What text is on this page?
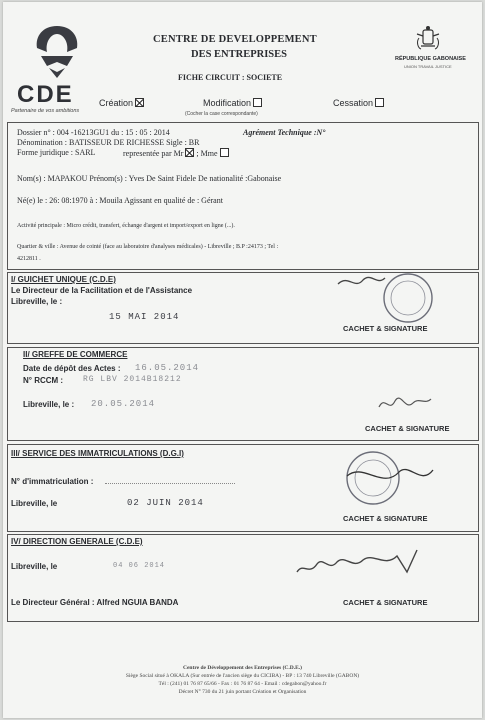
CDE
Partenaire de vos ambitions
CENTRE DE DEVELOPPEMENT
DES ENTREPRISES
FICHE CIRCUIT : SOCIETE
RÉPUBLIQUE GABONAISE
UNION TRAVAIL JUSTICE
Création	Modification	Cessation
(Cocher la case correspondante)
Dossier n° : 004 -16213GU1 du : 15 : 05 : 2014	Agrément Technique :N°
Dénomination : BATISSEUR DE RICHESSE Sigle : BR
Forme juridique : SARL	representée par Mr ; Mme
Nom(s) : MAPAKOU Prénom(s) : Yves De Saint Fidele De nationalité :Gabonaise
Né(e) le : 26: 08:1970 à : Mouila Agissant en qualité de : Gérant
Activité principale : Micro crédit, transfert, échange d'argent et import/export en ligne (...).
Quartier & ville : Avenue de cointé (face au laboratoire d'analyses médicales) - Libreville ; B.P :24173 ; Tel :
4212811 .
I/ GUICHET UNIQUE (C.D.E)
Le Directeur de la Facilitation et de l'Assistance
Libreville, le :
15 MAI 2014
CACHET & SIGNATURE
II/ GREFFE DE COMMERCE
Date de dépôt des Actes : 16.05.2014
N° RCCM : RG LBV 2014B18212
Libreville, le : 20.05.2014
CACHET & SIGNATURE
III/ SERVICE DES IMMATRICULATIONS (D.G.I)
N° d'immatriculation :
Libreville, le	02 JUIN 2014
CACHET & SIGNATURE
IV/ DIRECTION GENERALE (C.D.E)
Libreville, le	04 06 2014
Le Directeur Général : Alfred NGUIA BANDA	CACHET & SIGNATURE
Centre de Développement des Entreprises (C.D.E.)
Siège Social situé à OKALA (Sur entrée de l'ancien siège du CICIBA) - BP : 13 740 Libreville (GABON)
Tél : (241) 01 76 87 65/66 - Fax : 01 76 87 64 - Email : cdegabon@yahoo.fr
Décret N° 730 du 21 juin portant Création et Organisation
